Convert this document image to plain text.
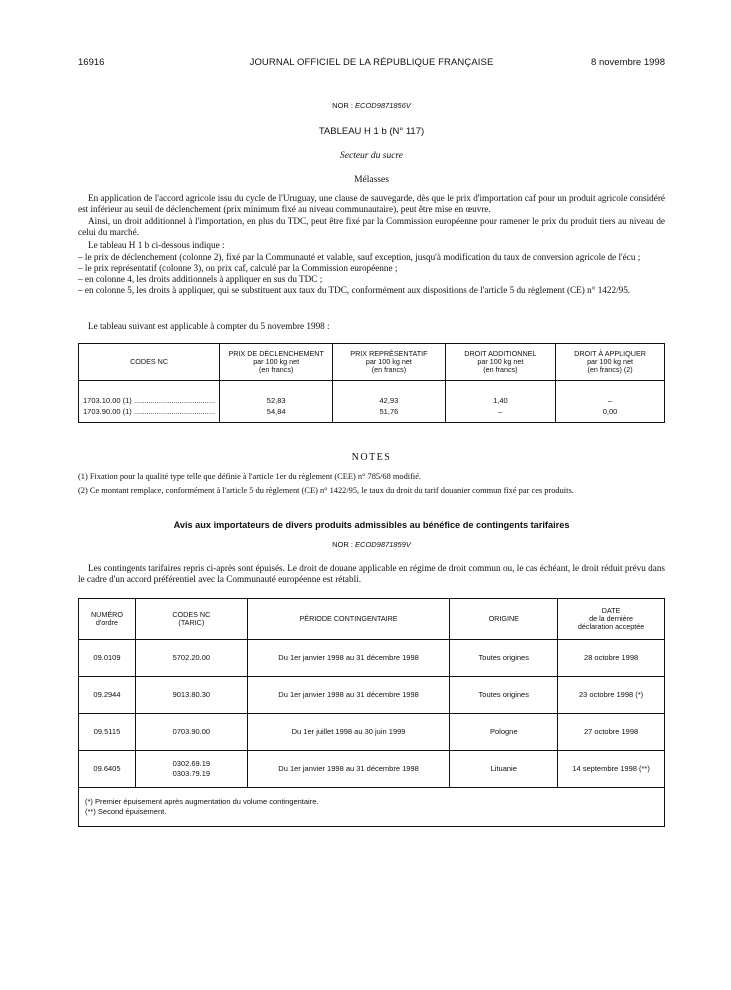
16916	JOURNAL OFFICIEL DE LA RÉPUBLIQUE FRANÇAISE	8 novembre 1998
NOR : ECOD9871856V
TABLEAU H 1 b (N° 117)
Secteur du sucre
Mélasses
En application de l'accord agricole issu du cycle de l'Uruguay, une clause de sauvegarde, dès que le prix d'importation caf pour un produit agricole considéré est inférieur au seuil de déclenchement (prix minimum fixé au niveau communautaire), peut être mise en œuvre.
Ainsi, un droit additionnel à l'importation, en plus du TDC, peut être fixé par la Commission européenne pour ramener le prix du produit tiers au niveau de celui du marché.
Le tableau H 1 b ci-dessous indique :
– le prix de déclenchement (colonne 2), fixé par la Communauté et valable, sauf exception, jusqu'à modification du taux de conversion agricole de l'écu ;
– le prix représentatif (colonne 3), ou prix caf, calculé par la Commission européenne ;
– en colonne 4, les droits additionnels à appliquer en sus du TDC ;
– en colonne 5, les droits à appliquer, qui se substituent aux taux du TDC, conformément aux dispositions de l'article 5 du règlement (CE) n° 1422/95.
Le tableau suivant est applicable à compter du 5 novembre 1998 :
CODES NC	PRIX DE DÉCLENCHEMENT
par 100 kg net
(en francs)	PRIX REPRÉSENTATIF
par 100 kg net
(en francs)	DROIT ADDITIONNEL
par 100 kg net
(en francs)	DROIT À APPLIQUER
par 100 kg net
(en francs) (2)

1703.10.00 (1) .......................................	52,83	42,93	1,40	–
1703.90.00 (1) .......................................	54,84	51,76	–	0,00
NOTES
(1) Fixation pour la qualité type telle que définie à l'article 1er du règlement (CEE) n° 785/68 modifié.
(2) Ce montant remplace, conformément à l'article 5 du règlement (CE) n° 1422/95, le taux du droit du tarif douanier commun fixé par ces produits.
Avis aux importateurs de divers produits admissibles au bénéfice de contingents tarifaires
NOR : ECOD9871859V
Les contingents tarifaires repris ci-après sont épuisés. Le droit de douane applicable en régime de droit commun ou, le cas échéant, le droit réduit prévu dans le cadre d'un accord préférentiel avec la Communauté européenne est rétabli.
NUMÉRO
d'ordre	CODES NC
(TARIC)	PÉRIODE CONTINGENTAIRE	ORIGINE	DATE
de la dernière
déclaration acceptée
09.0109	5702.20.00	Du 1er janvier 1998 au 31 décembre 1998	Toutes origines	28 octobre 1998
09.2944	9013.80.30	Du 1er janvier 1998 au 31 décembre 1998	Toutes origines	23 octobre 1998 (*)
09.5115	0703.90.00	Du 1er juillet 1998 au 30 juin 1999	Pologne	27 octobre 1998
09.6405	0302.69.19
0303.79.19	Du 1er janvier 1998 au 31 décembre 1998	Lituanie	14 septembre 1998 (**)

(*) Premier épuisement après augmentation du volume contingentaire.
(**) Second épuisement.				
